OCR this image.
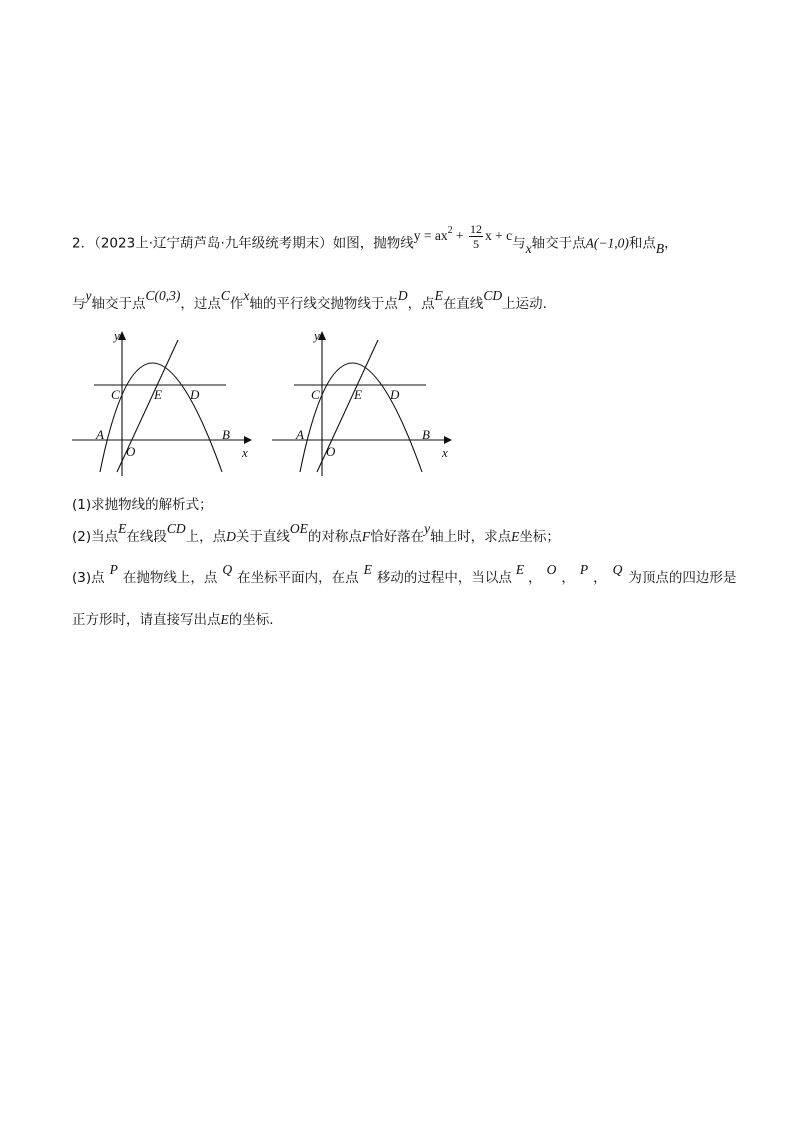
2．（2023上·辽宁葫芦岛·九年级统考期末）如图，抛物线$y = ax^2 + \frac{12}{5}$ x + c与x轴交于点A(−1,0)和点B，
与y轴交于点C(0,3)，过点C作x轴的平行线交抛物线于点D，点E在直线CD上运动.
y
x
O
A	B
C	E D
y
x
O
A	B
C	E D
(1)求抛物线的解析式；
(2)当点E在线段CD上，点D关于直线OE的对称点F恰好落在y轴上时，求点E坐标；
(3)点P在抛物线上，点Q在坐标平面内，在点E移动的过程中，当以点E，O，P，Q为顶点的四边形是
正方形时，请直接写出点E的坐标.
